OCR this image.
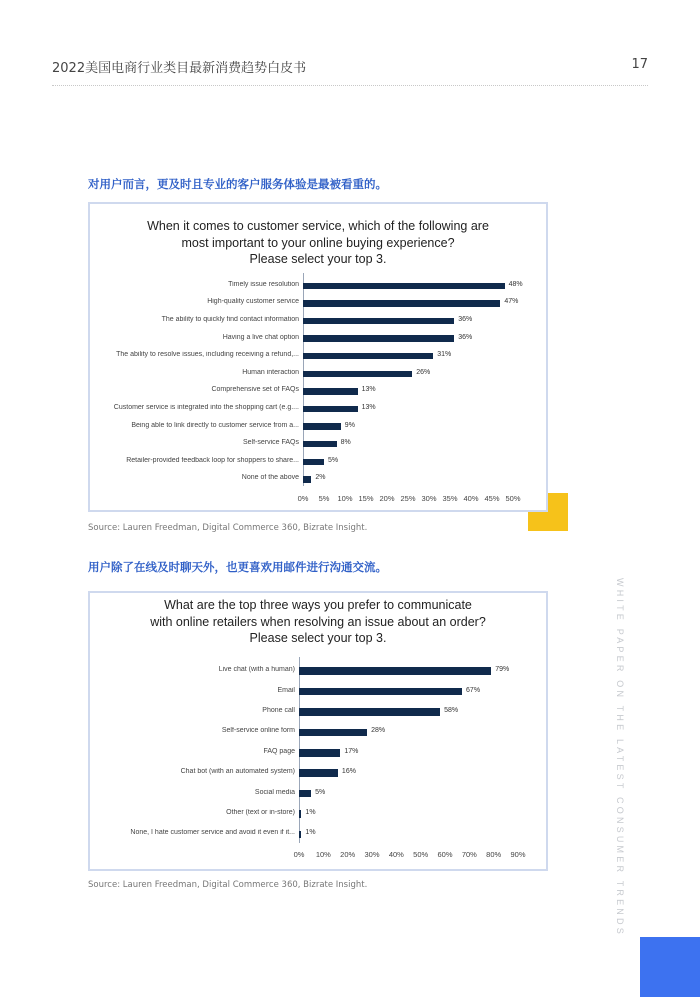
2022美国电商行业类目最新消费趋势白皮书	17
对用户而言，更及时且专业的客户服务体验是最被看重的。
When it comes to customer service, which of the following are
most important to your online buying experience?
Please select your top 3.
Timely issue resolution	48%
High-quality customer service	47%
The ability to quickly find contact information	36%
Having a live chat option	36%
The ability to resolve issues, including receiving a refund,...	31%
Human interaction	26%
Comprehensive set of FAQs	13%
Customer service is integrated into the shopping cart (e.g....	13%
Being able to link directly to customer service from a...	9%
Self-service FAQs	8%
Retailer-provided feedback loop for shoppers to share...	5%
None of the above 2%
0% 5% 10% 15% 20% 25% 30% 35% 40% 45% 50%
Source: Lauren Freedman, Digital Commerce 360, Bizrate Insight.
用户除了在线及时聊天外，也更喜欢用邮件进行沟通交流。
What are the top three ways you prefer to communicate
with online retailers when resolving an issue about an order?
Please select your top 3.
Live chat (with a human)	79%
Email	67%
Phone call	58%
Self-service online form	28%
FAQ page	17%
Chat bot (with an automated system)	16%
Social media	5%
Other (text or in-store) 1%
None, I hate customer service and avoid it even if it... 1%
0% 10% 20% 30% 40% 50% 60% 70% 80% 90%
Source: Lauren Freedman, Digital Commerce 360, Bizrate Insight.	WHITE PAPER ON THE LATEST CONSUMER TRENDS
